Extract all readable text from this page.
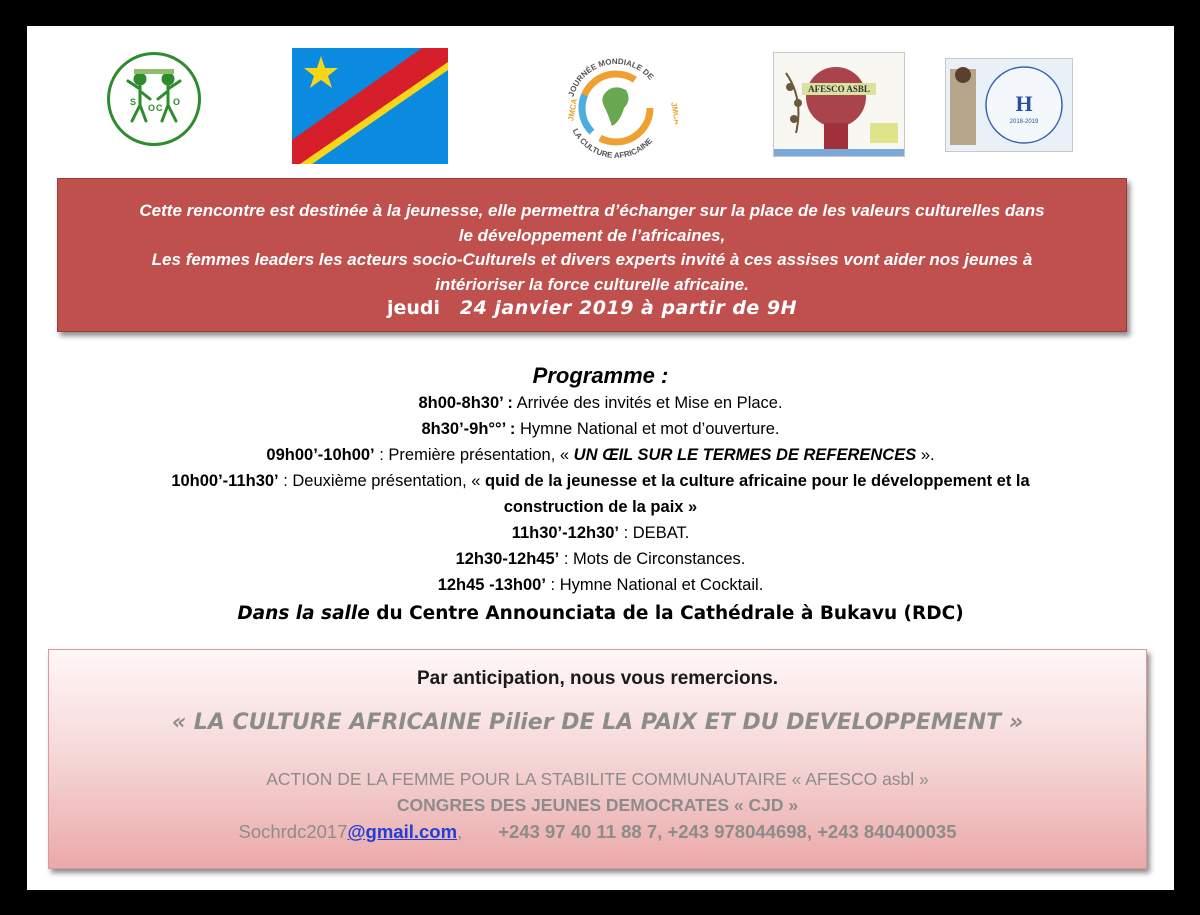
S
O C
O
JOURNÉE MONDIALE DE
LA CULTURE AFRICAINE
JMCA	JMCA
AFESCO ASBL
H
2018-2019
Cette rencontre est destinée à la jeunesse, elle permettra d’échanger sur la place de les valeurs culturelles dans
le développement de l’africaines,
Les femmes leaders les acteurs socio-Culturels et divers experts invité à ces assises vont aider nos jeunes à
intérioriser la force culturelle africaine.
jeudi 24 janvier 2019 à partir de 9H
Programme :

8h00-8h30’ : Arrivée des invités et Mise en Place.

8h30’-9h°°’ : Hymne National et mot d’ouverture.

09h00’-10h00’ : Première présentation, « UN ŒIL SUR LE TERMES DE REFERENCES ».

10h00’-11h30’ : Deuxième présentation, « quid de la jeunesse et la culture africaine pour le développement et la

construction de la paix »

11h30’-12h30’ : DEBAT.

12h30-12h45’ : Mots de Circonstances.

12h45 -13h00’ : Hymne National et Cocktail.

Dans la salle du Centre Announciata de la Cathédrale à Bukavu (RDC)
Par anticipation, nous vous remercions.
« LA CULTURE AFRICAINE Pilier DE LA PAIX ET DU DEVELOPPEMENT »
ACTION DE LA FEMME POUR LA STABILITE COMMUNAUTAIRE « AFESCO asbl »
CONGRES DES JEUNES DEMOCRATES « CJD »
Sochrdc2017@gmail.com, +243 97 40 11 88 7, +243 978044698, +243 840400035
